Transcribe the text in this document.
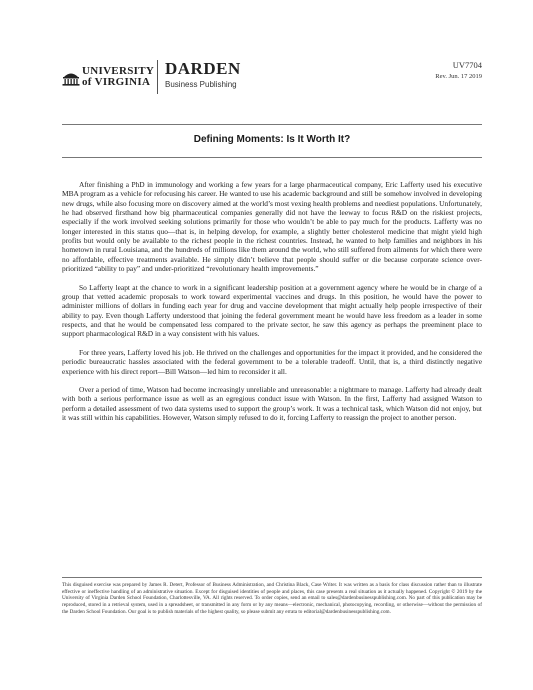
UNIVERSITY
of VIRGINIA
DARDEN
Business Publishing
UV7704
Rev. Jun. 17 2019
Defining Moments: Is It Worth It?

After finishing a PhD in immunology and working a few years for a large pharmaceutical company, Eric Lafferty used his executive MBA program as a vehicle for refocusing his career. He wanted to use his academic background and still be somehow involved in developing new drugs, while also focusing more on discovery aimed at the world’s most vexing health problems and neediest populations. Unfortunately, he had observed firsthand how big pharmaceutical companies generally did not have the leeway to focus R&D on the riskiest projects, especially if the work involved seeking solutions primarily for those who wouldn’t be able to pay much for the products. Lafferty was no longer interested in this status quo—that is, in helping develop, for example, a slightly better cholesterol medicine that might yield high profits but would only be available to the richest people in the richest countries. Instead, he wanted to help families and neighbors in his hometown in rural Louisiana, and the hundreds of millions like them around the world, who still suffered from ailments for which there were no affordable, effective treatments available. He simply didn’t believe that people should suffer or die because corporate science over-prioritized “ability to pay” and under-prioritized “revolutionary health improvements.”

So Lafferty leapt at the chance to work in a significant leadership position at a government agency where he would be in charge of a group that vetted academic proposals to work toward experimental vaccines and drugs. In this position, he would have the power to administer millions of dollars in funding each year for drug and vaccine development that might actually help people irrespective of their ability to pay. Even though Lafferty understood that joining the federal government meant he would have less freedom as a leader in some respects, and that he would be compensated less compared to the private sector, he saw this agency as perhaps the preeminent place to support pharmacological R&D in a way consistent with his values.

For three years, Lafferty loved his job. He thrived on the challenges and opportunities for the impact it provided, and he considered the periodic bureaucratic hassles associated with the federal government to be a tolerable tradeoff. Until, that is, a third distinctly negative experience with his direct report—Bill Watson—led him to reconsider it all.

Over a period of time, Watson had become increasingly unreliable and unreasonable: a nightmare to manage. Lafferty had already dealt with both a serious performance issue as well as an egregious conduct issue with Watson. In the first, Lafferty had assigned Watson to perform a detailed assessment of two data systems used to support the group’s work. It was a technical task, which Watson did not enjoy, but it was still within his capabilities. However, Watson simply refused to do it, forcing Lafferty to reassign the project to another person.

This disguised exercise was prepared by James R. Detert, Professor of Business Administration, and Christina Black, Case Writer. It was written as a basis for class discussion rather than to illustrate effective or ineffective handling of an administrative situation. Except for disguised identities of people and places, this case presents a real situation as it actually happened. Copyright © 2019 by the University of Virginia Darden School Foundation, Charlottesville, VA. All rights reserved. To order copies, send an email to sales@dardenbusinesspublishing.com. No part of this publication may be reproduced, stored in a retrieval system, used in a spreadsheet, or transmitted in any form or by any means—electronic, mechanical, photocopying, recording, or otherwise—without the permission of the Darden School Foundation. Our goal is to publish materials of the highest quality, so please submit any errata to editorial@dardenbusinesspublishing.com.
